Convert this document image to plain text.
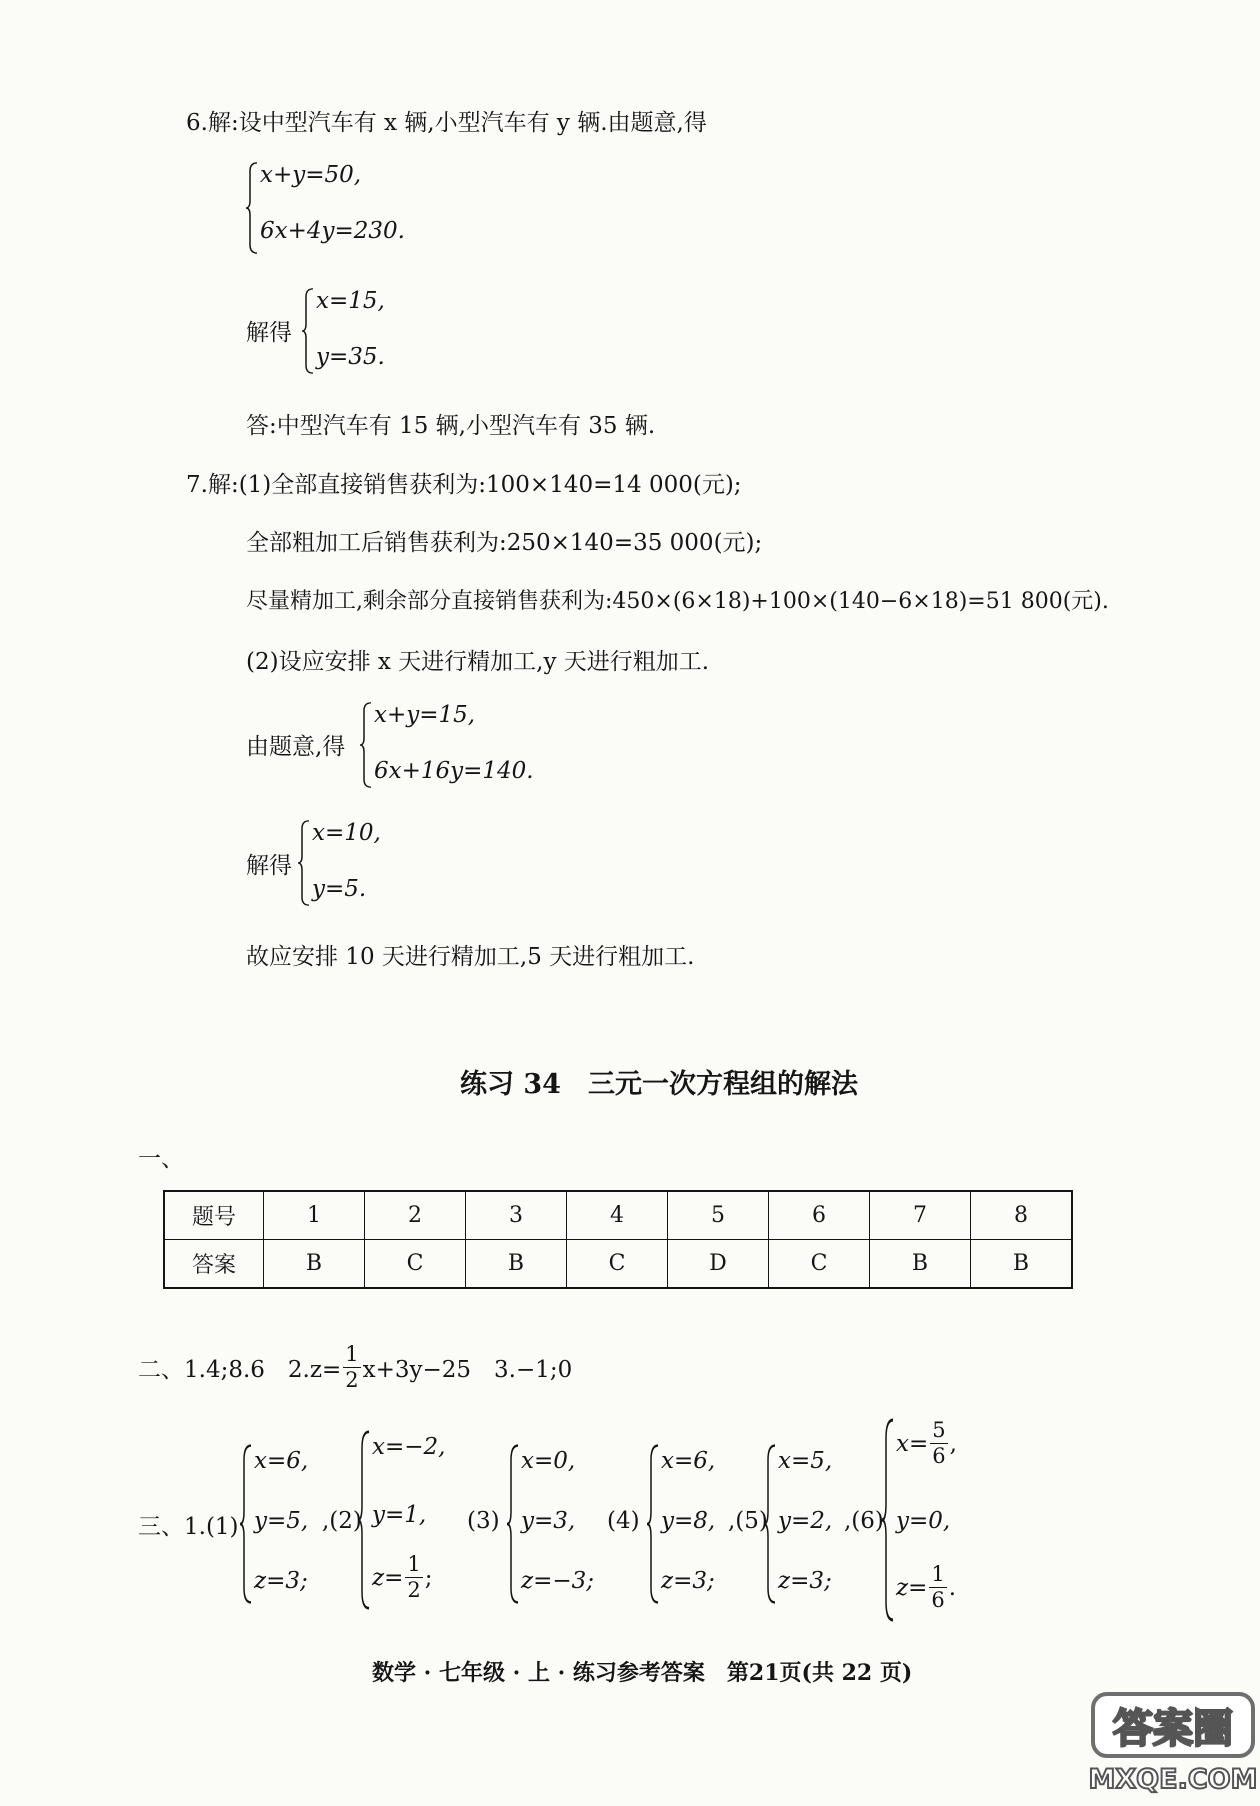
6.解:设中型汽车有 x 辆,小型汽车有 y 辆.由题意,得
x+y=50,
6x+4y=230.
解得
x=15,
y=35.
答:中型汽车有 15 辆,小型汽车有 35 辆.
7.解:(1)全部直接销售获利为:100×140=14 000(元);
全部粗加工后销售获利为:250×140=35 000(元);
尽量精加工,剩余部分直接销售获利为:450×(6×18)+100×(140−6×18)=51 800(元).
(2)设应安排 x 天进行精加工,y 天进行粗加工.
由题意,得
x+y=15,
6x+16y=140.
解得
x=10,
y=5.
故应安排 10 天进行精加工,5 天进行粗加工.
练习 34　三元一次方程组的解法
一、
题号	1	2	3	4	5	6	7	8
答案	B	C	B	C	D	C	B	B
二、1.4;8.6　$2.z= \frac{1}{2} x+3y-25$　3.−1;0
三、1.(1)
x=6,
y=5,
z=3;
,(2)
x=−2,
y=1,
$z= \frac{1}{2}$ ;
(3)
x=0,
y=3,
z=−3;
(4)
x=6,
y=8,
z=3;
,(5)
x=5,
y=2,
z=3;
,(6)
$x= \frac{5}{6}$ ,
y=0,
$z= \frac{1}{6}$ .
数学 · 七年级 · 上 · 练习参考答案　第21页(共 22 页)
答案圈
MXQE.COM
